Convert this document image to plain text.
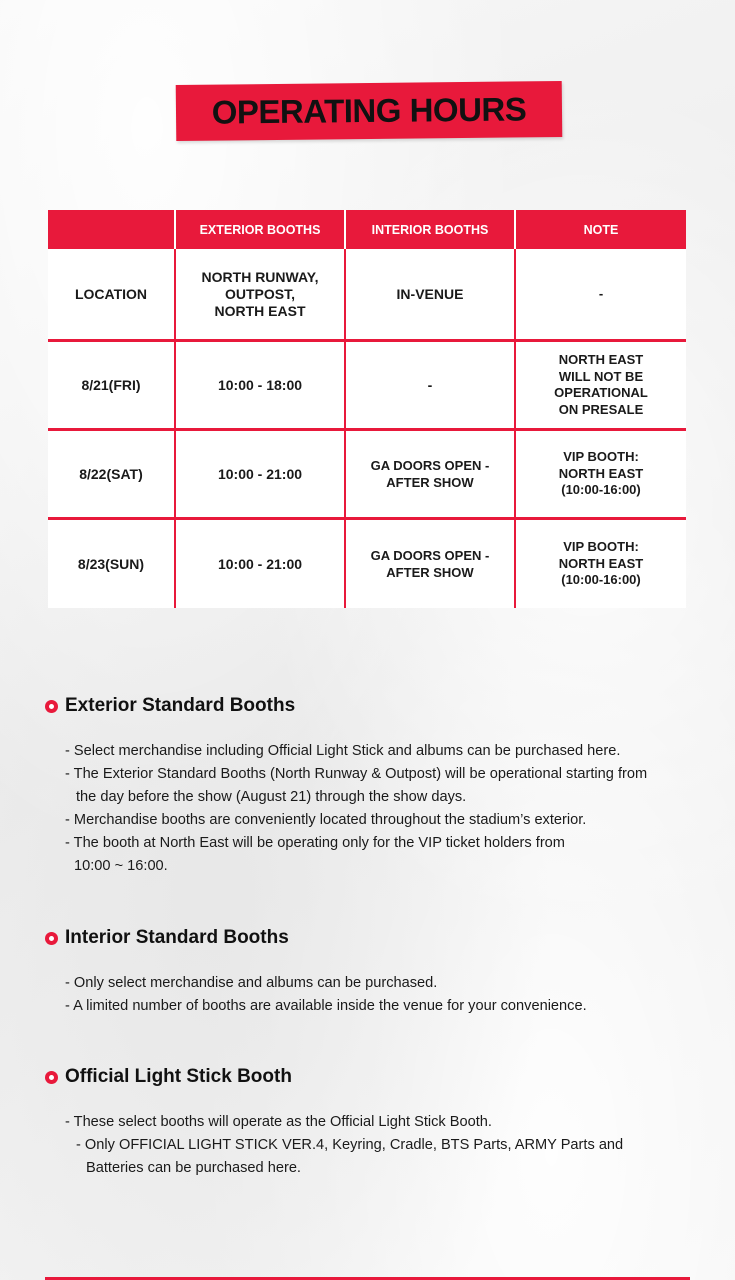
OPERATING HOURS
	EXTERIOR BOOTHS	INTERIOR BOOTHS	NOTE
LOCATION	NORTH RUNWAY,
OUTPOST,
NORTH EAST	IN-VENUE	-

8/21(FRI)	10:00 - 18:00	-	NORTH EAST
WILL NOT BE
OPERATIONAL
ON PRESALE

8/22(SAT)	10:00 - 21:00	GA DOORS OPEN -
AFTER SHOW	VIP BOOTH:
NORTH EAST
(10:00-16:00)

8/23(SUN)	10:00 - 21:00	GA DOORS OPEN -
AFTER SHOW	VIP BOOTH:
NORTH EAST
(10:00-16:00)
Exterior Standard Booths
- Select merchandise including Official Light Stick and albums can be purchased here.
- The Exterior Standard Booths (North Runway & Outpost) will be operational starting from
the day before the show (August 21) through the show days.
- Merchandise booths are conveniently located throughout the stadium’s exterior.
- The booth at North East will be operating only for the VIP ticket holders from
10:00 ~ 16:00.
Interior Standard Booths
- Only select merchandise and albums can be purchased.
- A limited number of booths are available inside the venue for your convenience.
Official Light Stick Booth
- These select booths will operate as the Official Light Stick Booth.
- Only OFFICIAL LIGHT STICK VER.4, Keyring, Cradle, BTS Parts, ARMY Parts and
Batteries can be purchased here.
